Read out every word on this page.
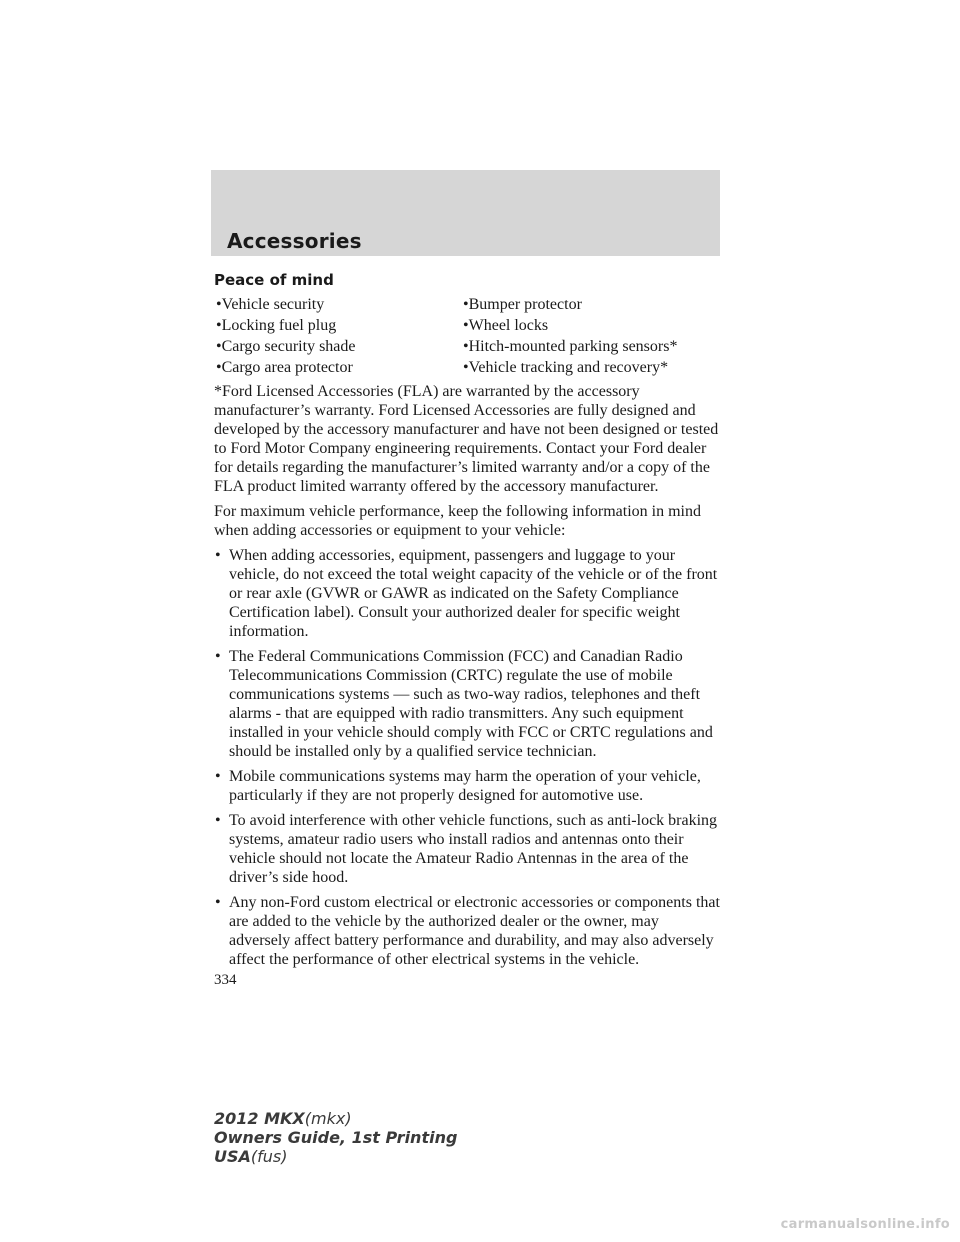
Accessories
Peace of mind
•Vehicle security	•Bumper protector
•Locking fuel plug	•Wheel locks
•Cargo security shade	•Hitch-mounted parking sensors*
•Cargo area protector	•Vehicle tracking and recovery*

*Ford Licensed Accessories (FLA) are warranted by the accessory manufacturer’s warranty. Ford Licensed Accessories are fully designed and developed by the accessory manufacturer and have not been designed or tested to Ford Motor Company engineering requirements. Contact your Ford dealer for details regarding the manufacturer’s limited warranty and/or a copy of the FLA product limited warranty offered by the accessory manufacturer.

For maximum vehicle performance, keep the following information in mind when adding accessories or equipment to your vehicle:

• When adding accessories, equipment, passengers and luggage to your vehicle, do not exceed the total weight capacity of the vehicle or of the front or rear axle (GVWR or GAWR as indicated on the Safety Compliance Certification label). Consult your authorized dealer for specific weight information.
• The Federal Communications Commission (FCC) and Canadian Radio Telecommunications Commission (CRTC) regulate the use of mobile communications systems — such as two-way radios, telephones and theft alarms - that are equipped with radio transmitters. Any such equipment installed in your vehicle should comply with FCC or CRTC regulations and should be installed only by a qualified service technician.
• Mobile communications systems may harm the operation of your vehicle, particularly if they are not properly designed for automotive use.
• To avoid interference with other vehicle functions, such as anti-lock braking systems, amateur radio users who install radios and antennas onto their vehicle should not locate the Amateur Radio Antennas in the area of the driver’s side hood.
• Any non-Ford custom electrical or electronic accessories or components that are added to the vehicle by the authorized dealer or the owner, may adversely affect battery performance and durability, and may also adversely affect the performance of other electrical systems in the vehicle.
334
2012 MKX(mkx)
Owners Guide, 1st Printing
USA(fus)
carmanualsonline.info
